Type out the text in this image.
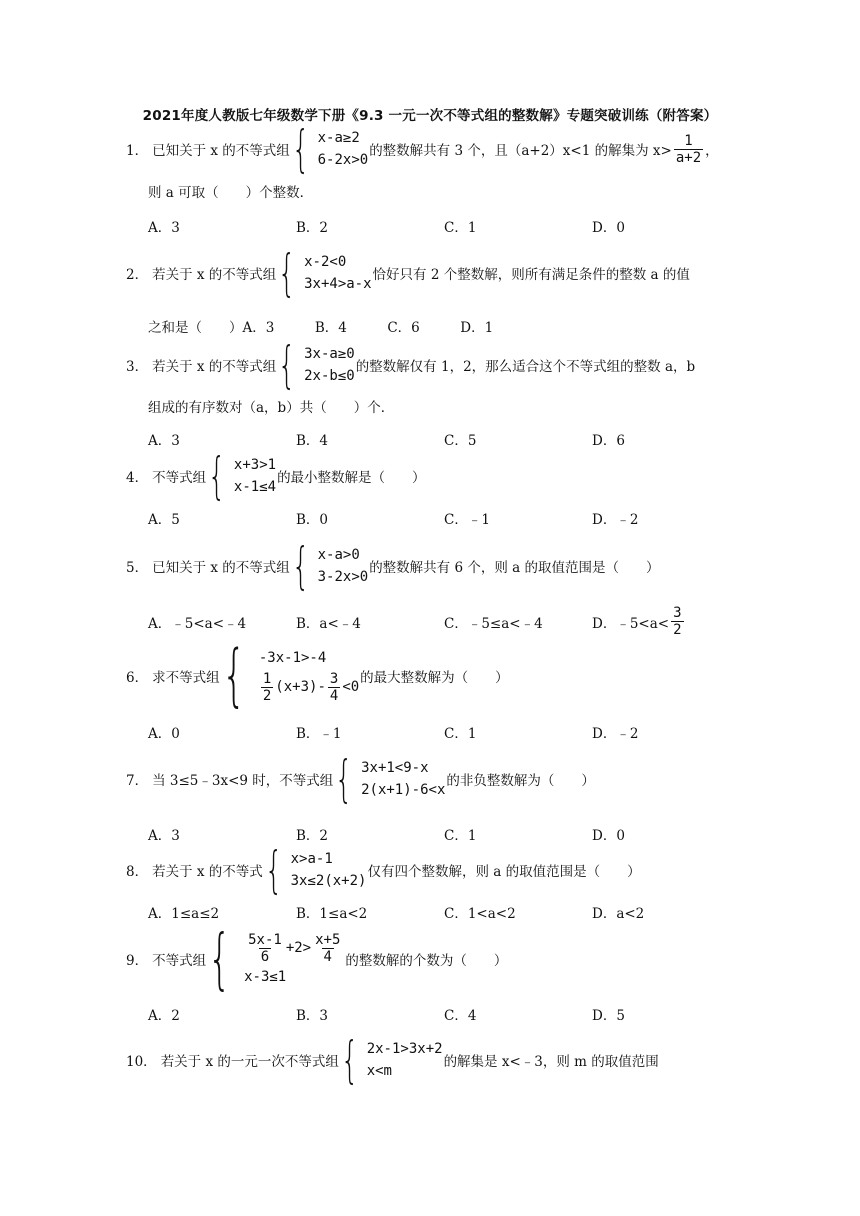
2021年度人教版七年级数学下册《9.3 一元一次不等式组的整数解》专题突破训练（附答案）
1． 已知关于 x 的不等式组 { x-a≥2
6-2x>0
的整数解共有 3 个，且（a+2）x<1 的解集为 $x> \frac{1}{a+2}$ ，
则 a 可取（　　）个整数．
A．3	B．2	C．1	D．0
2． 若关于 x 的不等式组 { x-2<0
3x+4>a-x
恰好只有 2 个整数解，则所有满足条件的整数 a 的值
之和是（　　）A．3　　　B．4　　　C．6　　　D．1
3． 若关于 x 的不等式组 { 3x-a≥0
2x-b≤0
的整数解仅有 1，2，那么适合这个不等式组的整数 a，b
组成的有序数对（a，b）共（　　）个．
A．3	B．4	C．5	D．6
4． 不等式组 { x+3>1
x-1≤4
的最小整数解是（　　）
A．5	B．0	C．﹣1	D．﹣2
5． 已知关于 x 的不等式组 { x-a>0
3-2x>0
的整数解共有 6 个，则 a 的取值范围是（　　）
A．﹣5<a<﹣4	B．a<﹣4	C．﹣5≤a<﹣4	D．﹣5<a< $\frac{3}{2}$
6． 求不等式组 { -3x-1>-4
$\frac{1}{2} (x+3)- \frac{3}{4} <0$
的最大整数解为（　　）
A．0	B．﹣1	C．1	D．﹣2
7． 当 3≤5﹣3x<9 时，不等式组 { 3x+1<9-x
2(x+1)-6<x
的非负整数解为（　　）
A．3	B．2	C．1	D．0
8． 若关于 x 的不等式 { x>a-1
3x≤2(x+2)
仅有四个整数解，则 a 的取值范围是（　　）
A．1≤a≤2	B．1≤a<2	C．1<a<2	D．a<2
9． 不等式组 { $\frac{5x-1}{6} +2> \frac{x+5}{4}$
x-3≤1
的整数解的个数为（　　）
A．2	B．3	C．4	D．5
10． 若关于 x 的一元一次不等式组 { 2x-1>3x+2
x<m
的解集是 x<﹣3，则 m 的取值范围
